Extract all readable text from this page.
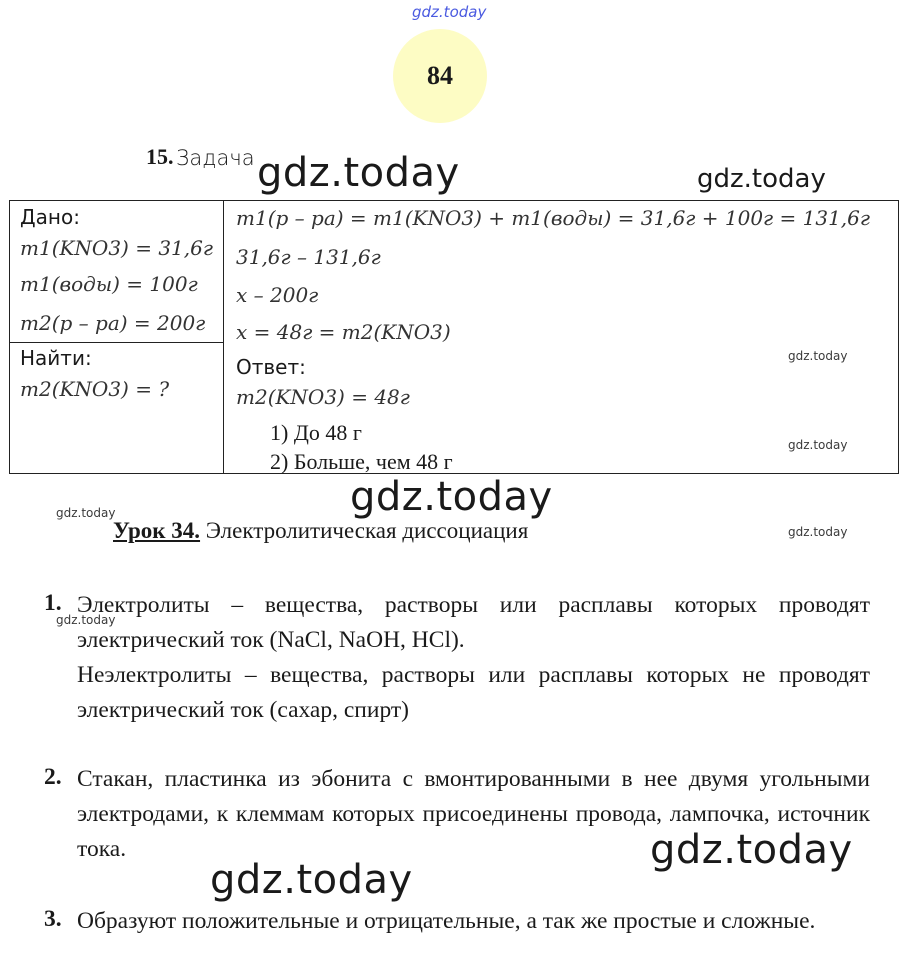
gdz.today
84
15. Задача

Дано:
m1(KNO3) = 31,6г
m1(воды) = 100г
m2(р – ра) = 200г
Найти:
m2(KNO3) = ?
m1(р – ра) = m1(KNO3) + m1(воды) = 31,6г + 100г = 131,6г
31,6г – 131,6г
x – 200г
x = 48г = m2(KNO3)
Ответ:
m2(KNO3) = 48г
1) До 48 г
2) Больше, чем 48 г
Урок 34. Электролитическая диссоциация
1. Электролиты – вещества, растворы или расплавы которых проводят электрический ток (NaCl, NaOH, HCl).
Неэлектролиты – вещества, растворы или расплавы которых не проводят электрический ток (сахар, спирт)
2. Стакан, пластинка из эбонита с вмонтированными в нее двумя угольными электродами, к клеммам которых присоединены провода, лампочка, источник тока.
3. Образуют положительные и отрицательные, а так же простые и сложные.
gdz.today	gdz.today
gdz.today
gdz.today
gdz.today
gdz.today
gdz.today
gdz.today
gdz.today
gdz.today
